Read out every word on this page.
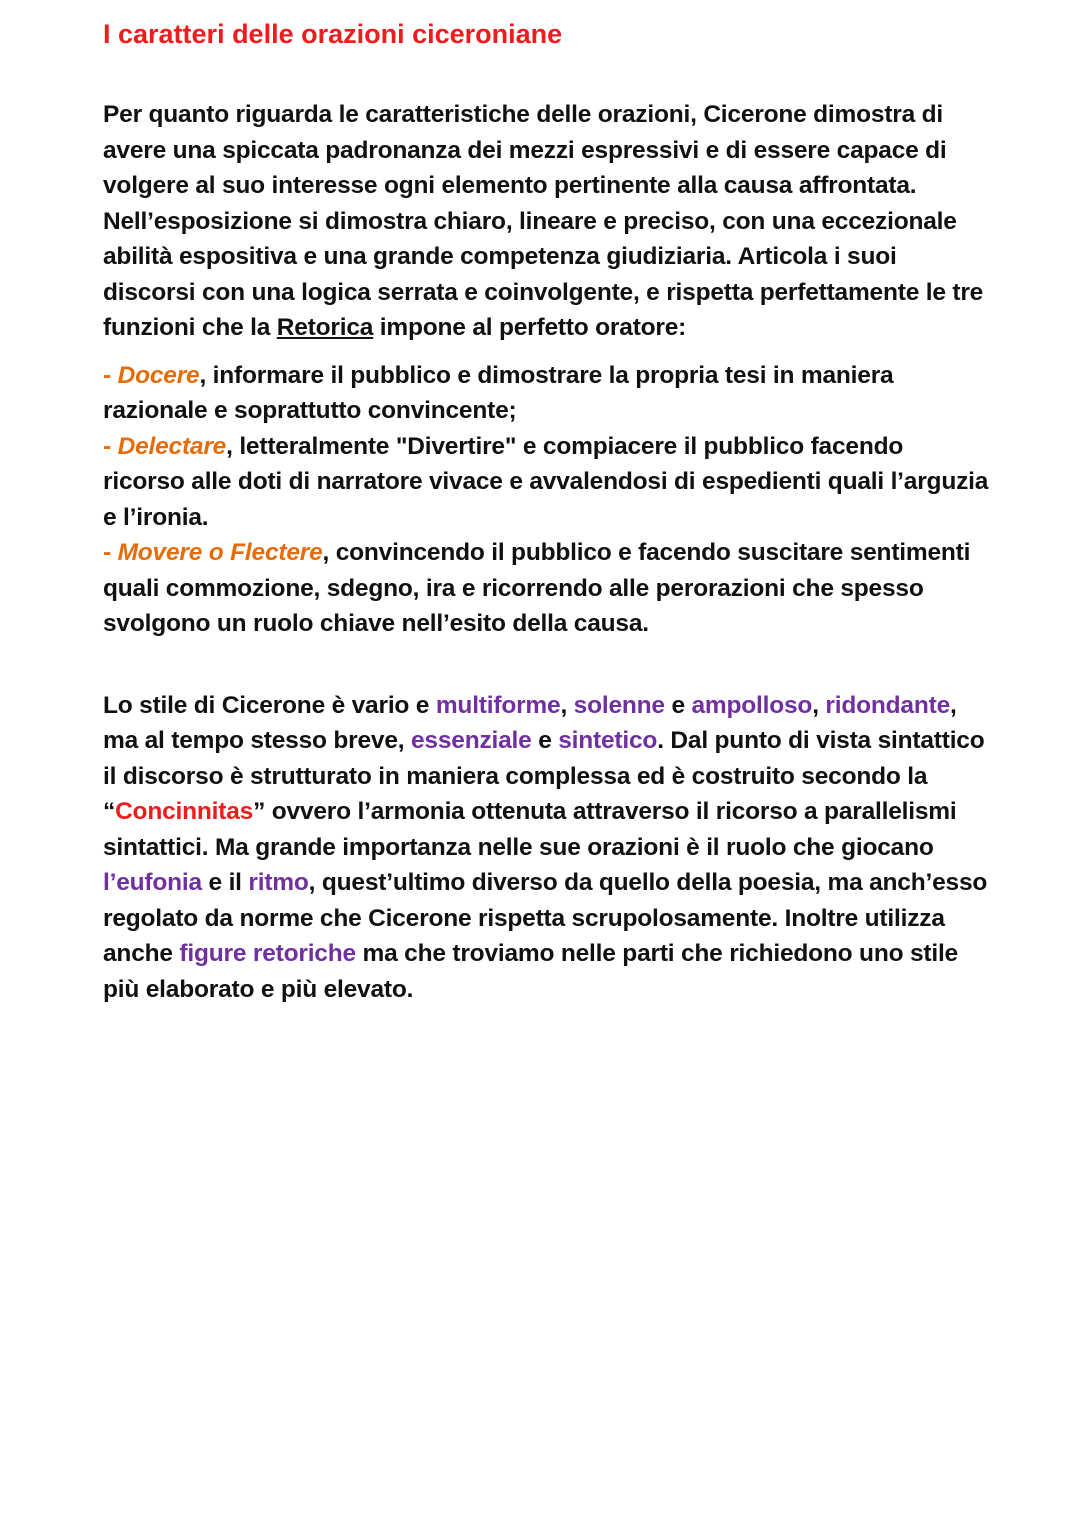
I caratteri delle orazioni ciceroniane

Per quanto riguarda le caratteristiche delle orazioni, Cicerone dimostra di avere una spiccata padronanza dei mezzi espressivi e di essere capace di volgere al suo interesse ogni elemento pertinente alla causa affrontata. Nell’esposizione si dimostra chiaro, lineare e preciso, con una eccezionale abilità espositiva e una grande competenza giudiziaria. Articola i suoi discorsi con una logica serrata e coinvolgente, e rispetta perfettamente le tre funzioni che la Retorica impone al perfetto oratore:

- Docere, informare il pubblico e dimostrare la propria tesi in maniera razionale e soprattutto convincente;
- Delectare, letteralmente "Divertire" e compiacere il pubblico facendo ricorso alle doti di narratore vivace e avvalendosi di espedienti quali l’arguzia e l’ironia.
- Movere o Flectere, convincendo il pubblico e facendo suscitare sentimenti quali commozione, sdegno, ira e ricorrendo alle perorazioni che spesso svolgono un ruolo chiave nell’esito della causa.

Lo stile di Cicerone è vario e multiforme, solenne e ampolloso, ridondante, ma al tempo stesso breve, essenziale e sintetico. Dal punto di vista sintattico il discorso è strutturato in maniera complessa ed è costruito secondo la “Concinnitas” ovvero l’armonia ottenuta attraverso il ricorso a parallelismi sintattici. Ma grande importanza nelle sue orazioni è il ruolo che giocano l’eufonia e il ritmo, quest’ultimo diverso da quello della poesia, ma anch’esso regolato da norme che Cicerone rispetta scrupolosamente. Inoltre utilizza anche figure retoriche ma che troviamo nelle parti che richiedono uno stile più elaborato e più elevato.
